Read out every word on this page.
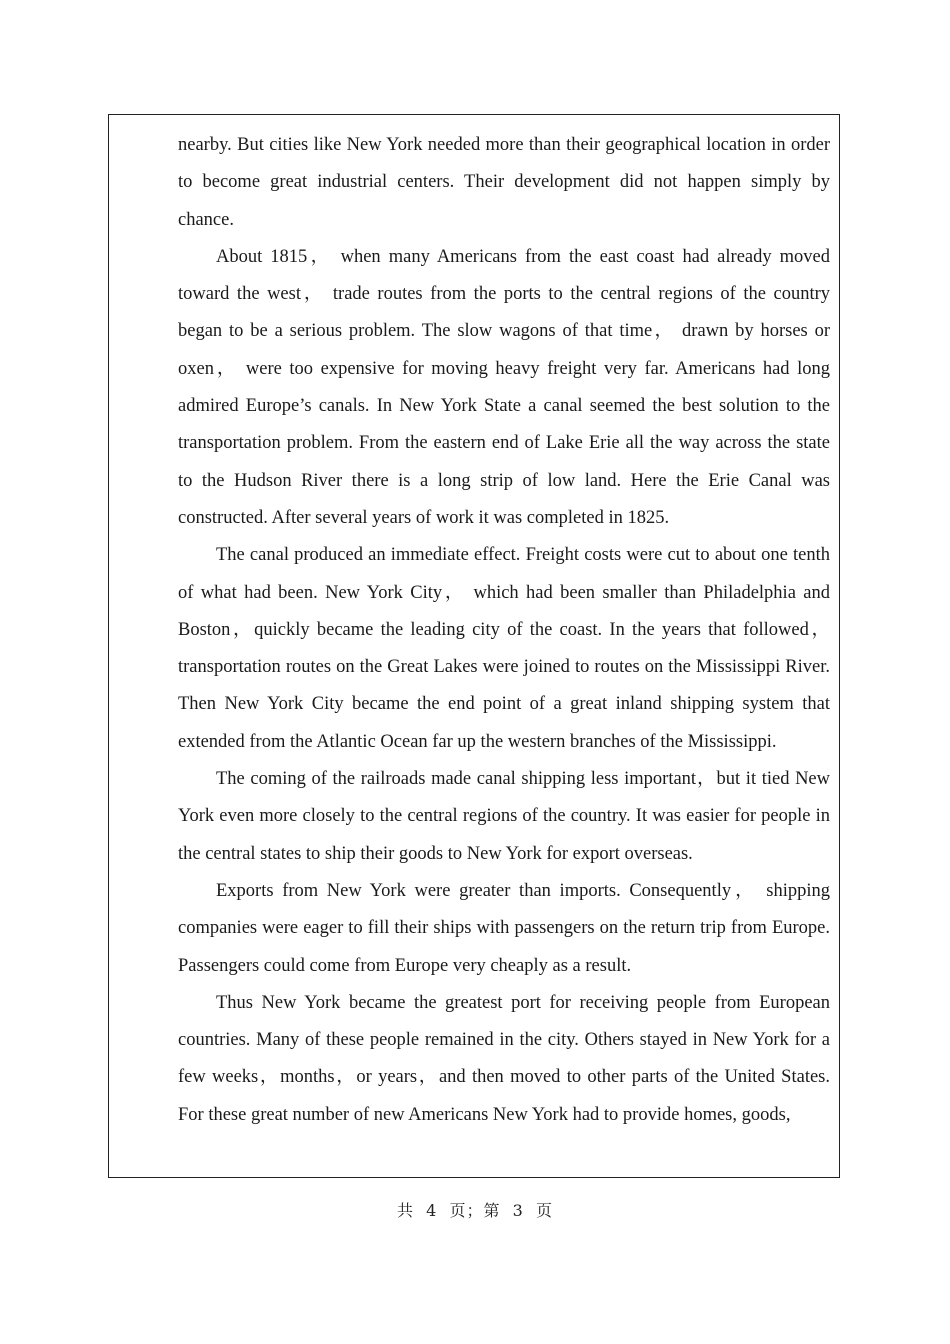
nearby. But cities like New York needed more than their geographical location in order to become great industrial centers. Their development did not happen simply by chance.

About 1815， when many Americans from the east coast had already moved toward the west， trade routes from the ports to the central regions of the country began to be a serious problem. The slow wagons of that time， drawn by horses or oxen， were too expensive for moving heavy freight very far. Americans had long admired Europe’s canals. In New York State a canal seemed the best solution to the transportation problem. From the eastern end of Lake Erie all the way across the state to the Hudson River there is a long strip of low land. Here the Erie Canal was constructed. After several years of work it was completed in 1825.

The canal produced an immediate effect. Freight costs were cut to about one tenth of what had been. New York City， which had been smaller than Philadelphia and Boston，quickly became the leading city of the coast. In the years that followed，transportation routes on the Great Lakes were joined to routes on the Mississippi River. Then New York City became the end point of a great inland shipping system that extended from the Atlantic Ocean far up the western branches of the Mississippi.

The coming of the railroads made canal shipping less important，but it tied New York even more closely to the central regions of the country. It was easier for people in the central states to ship their goods to New York for export overseas.

Exports from New York were greater than imports. Consequently， shipping companies were eager to fill their ships with passengers on the return trip from Europe. Passengers could come from Europe very cheaply as a result.

Thus New York became the greatest port for receiving people from European countries. Many of these people remained in the city. Others stayed in New York for a few weeks，months，or years，and then moved to other parts of the United States. For these great number of new Americans New York had to provide homes, goods,

共  4  页；第  3  页
